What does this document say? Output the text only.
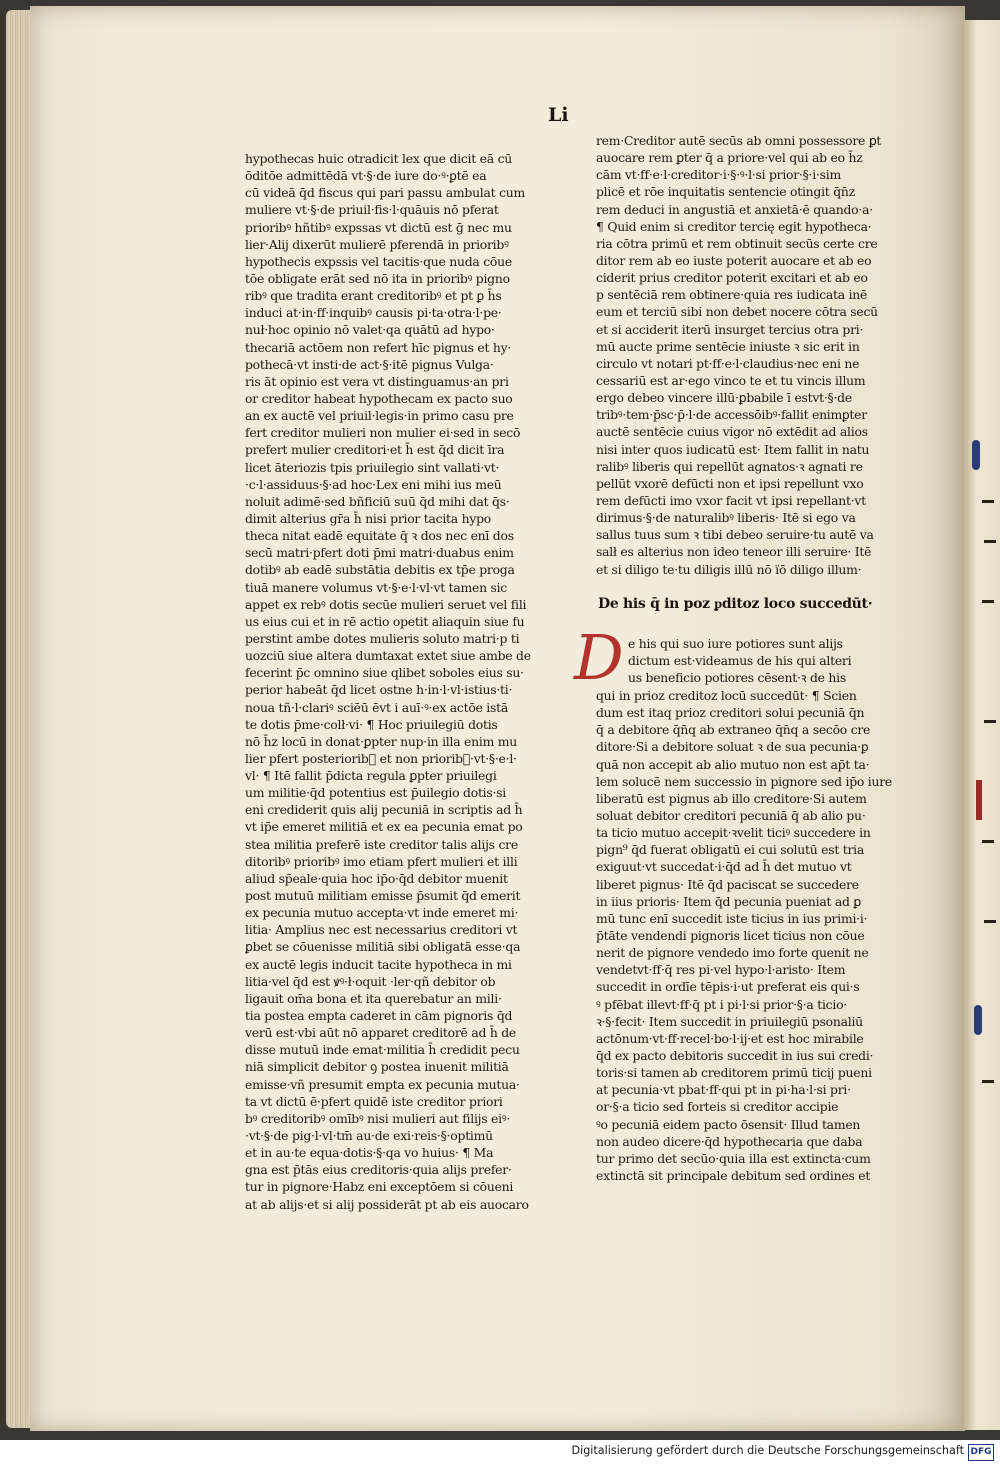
Li
hypothecas huic otradicit lex que dicit eā cū
ōditōe admittēdā vt·§·de iure do·ꝰ·ꝑtē ea
cū videā q̄d fiscus qui pari passu ambulat cum
muliere vt·§·de priuil·fis·l·quāuis nō pferat
prioribꝰ hñtibꝰ expssas vt dictū est ḡ nec mu
lier·Alij dixerūt mulierē pferendā in prioribꝰ
hypothecis expssis vel tacitis·que nuda cōue
tōe obligate erāt sed nō ita in prioribꝰ pigno
ribꝰ que tradita erant creditoribꝰ et pt ꝑ h̄s
induci at·in·ff·inquibꝰ causis pi·ta·otra·l·pe·
nuł·hoc opinio nō valet·qa quātū ad hypo·
thecariā actōem non refert hīc pignus et hy·
pothecā·vt insti·de act·§·itē pignus Vulga·
ris āt opinio est vera vt distinguamus·an pri
or creditor habeat hypothecam ex pacto suo
an ex auctē vel priuil·legis·in primo casu pre
fert creditor mulieri non mulier ei·sed in secō
prefert mulier creditori·et h̄ est q̄d dicit īra
licet āteriozis tpis priuilegio sint vallati·vt·
·c·l·assiduus·§·ad hoc·Lex eni mihi ius meū
noluit adimē·sed bñficiū suū q̄d mihi dat q̄s·
dimit alterius gr̄a h̄ nisi prior tacita hypo
theca nitat eadē equitate q̄ ꝛ dos nec enī dos
secū matri·pfert doti p̄mi matri·duabus enim
dotibꝰ ab eadē substātia debitis ex tp̄e proga
tiuā manere volumus vt·§·e·l·vl·vt tamen sic
appet ex rebꝰ dotis secūe mulieri seruet vel fili
us eius cui et in rē actio opetit aliaquin siue fu
perstint ambe dotes mulieris soluto matri·p ti
uozciū siue altera dumtaxat extet siue ambe de
fecerint p̄c omnino siue qlibet soboles eius su·
perior habeāt q̄d licet ostne h·in·l·vl·istius·ti·
noua tñ·l·clariꝰ sciēū ēvt i auī·ꝰ·ex actōe istā
te dotis p̄me·colł·vi· ¶ Hoc priuilegiū dotis
nō h̄z locū in donat·ꝑpter nup·in illa enim mu
lier pfert posteriorib᷑ et non prioribꝰ·vt·§·e·l·
vl· ¶ Itē fallit p̄dicta regula ꝑpter priuilegi
um militie·q̄d potentius est p̄uilegio dotis·si
eni crediderit quis alij pecuniā in scriptis ad h̄
vt ip̄e emeret militiā et ex ea pecunia emat po
stea militia preferē iste creditor talis alijs cre
ditoribꝰ prioribꝰ imo etiam pfert mulieri et illi
aliud sp̄eale·quia hoc ip̄o·q̄d debitor muenit
post mutuū militiam emisse p̄sumit q̄d emerit
ex pecunia mutuo accepta·vt inde emeret mi·
litia· Amplius nec est necessarius creditori vt
ꝑbet se cōuenisse militiā sibi obligatā esse·qa
ex auctē legis inducit tacite hypotheca in mi
litia·vel q̄d est ꝟꝰ·ł·oquit ·ler·qñ debitor ob
ligauit om̄a bona et ita querebatur an mili·
tia postea empta caderet in cām pignoris q̄d
verū est·vbi aūt nō apparet creditorē ad h̄ de
disse mutuū inde emat·militia h̄ credidit pecu
niā simplicit debitor ꝯ postea inuenit militiā
emisse·vñ presumit empta ex pecunia mutua·
ta vt dictū ē·pfert quidē iste creditor priori
bꝰ creditoribꝰ omībꝰ nisi mulieri aut filijs eiꝰ·
·vt·§·de pig·l·vl·tm̄ au·de exi·reis·§·optimū
et in au·te equa·dotis·§·qa vo huius· ¶ Ma
gna est p̄tās eius creditoris·quia alijs prefer·
tur in pignore·Habz eni exceptōem si cōueni
at ab alijs·et si alij possiderāt pt ab eis auocaro
rem·Creditor autē secūs ab omni possessore ꝑt
auocare rem ꝑter q̄ a priore·vel qui ab eo h̄z
cām vt·ff·e·l·creditor·i·§·ꝰ·l·si prior·§·i·sim
plicē et rōe inquitatis sentencie otingit q̄n̄z
rem deduci in angustiā et anxietā·ē quando·a·
¶ Quid enim si creditor tercię egit hypotheca·
ria cōtra primū et rem obtinuit secūs certe cre
ditor rem ab eo iuste poterit auocare et ab eo
ciderit prius creditor poterit excitari et ab eo
p sentēciā rem obtinere·quia res iudicata inē
eum et terciū sibi non debet nocere cōtra secū
et si acciderit iterū insurget tercius otra pri·
mū aucte prime sentēcie iniuste ꝛ sic erit in
circulo vt notari pt·ff·e·l·claudius·nec eni ne
cessariū est ar·ego vinco te et tu vincis illum
ergo debeo vincere illū·ꝑbabile ī estvt·§·de
tribꝰ·tem·p̄sc·p̄·l·de accessōibꝰ·fallit enimꝑter
auctē sentēcie cuius vigor nō extēdit ad alios
nisi inter quos iudicatū est· Item fallit in natu
ralibꝰ liberis qui repellūt agnatos·ꝛ agnati re
pellūt vxorē defūcti non et ipsi repellunt vxo
rem defūcti imo vxor facit vt ipsi repellant·vt
dirimus·§·de naturalibꝰ liberis· Itē si ego va
sallus tuus sum ꝛ tibi debeo seruire·tu autē va
salł es alterius non ideo teneor illi seruire· Itē
et si diligo te·tu diligis illū nō ïō diligo illum·
De his q̄ in poz ᵱditoz loco succedūt·
D e his qui suo iure potiores sunt alijs
dictum est·videamus de his qui alteri
us beneficio potiores cēsent·ꝛ de his
qui in prioz creditoz locū succedūt· ¶ Scien
dum est itaq prioz creditori solui pecuniā q̄n
q̄ a debitore q̄n̄q ab extraneo q̄n̄q a secōo cre
ditore·Si a debitore soluat ꝛ de sua pecunia·ꝑ
quā non accepit ab alio mutuo non est ap̄t ta·
lem solucē nem successio in pignore sed ip̄o iure
liberatū est pignus ab illo creditore·Si autem
soluat debitor creditori pecuniā q̄ ab alio pu·
ta ticio mutuo accepit·ꝛvelit ticiꝰ succedere in
pign⁹ q̄d fuerat obligatū ei cui solutū est tria
exiguut·vt succedat·i·q̄d ad h̄ det mutuo vt
liberet pignus· Itē q̄d paciscat se succedere
in iius prioris· Item q̄d pecunia pueniat ad ꝑ
mū tunc enī succedit iste ticius in ius primi·i·
p̄tāte vendendi pignoris licet ticius non cōue
nerit de pignore vendedo imo forte quenit ne
vendetvt·ff·q̄ res pi·vel hypo·l·aristo· Item
succedit in ordīe tēpis·i·ut preferat eis qui·s
ꝰ pfēbat illevt·ff·q̄ pt i pi·l·si prior·§·a ticio·
ꝛ·§·fecit· Item succedit in priuilegiū psonaliū
actōnum·vt·ff·recel·bo·l·ij·et est hoc mirabile
q̄d ex pacto debitoris succedit in ius sui credi·
toris·si tamen ab creditorem primū ticij pueni
at pecunia·vt pbat·ff·qui pt in pi·ha·l·si pri·
or·§·a ticio sed forteis si creditor accipie
ꝰo pecuniā eidem pacto ōsensit· Illud tamen
non audeo dicere·q̄d hypothecaria que daba
tur primo det secūo·quia illa est extincta·cum
extinctā sit principale debitum sed ordines et
Digitalisierung gefördert durch die Deutsche Forschungsgemeinschaft DFG
